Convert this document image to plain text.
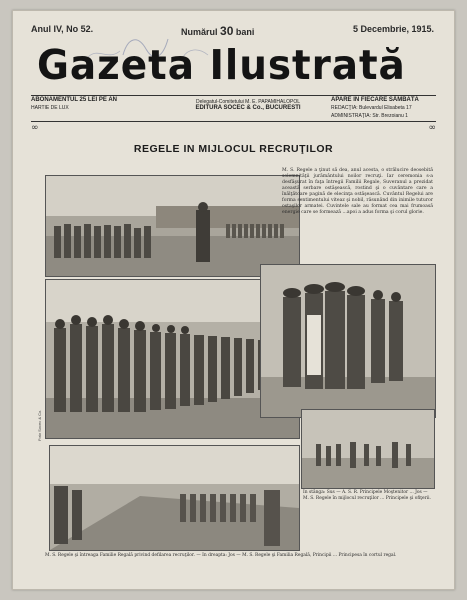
Anul IV, No 52.	Numărul 30 bani	5 Decembrie, 1915.
Gazeta Ilustrată
ABONAMENTUL 25 LEI PE AN
HARTIE DE LUX
Delegatul-Comitetului M. E. PAPAMIHALOPOL
EDITURA SOCEC & Co., BUCURESTI
APARE IN FIECARE SÂMBĂTĂ
REDACŢIA: Bulevardul Elisabeta 17
ADMINISTRAŢIA: Str. Brezoianu 1
∞	∞
REGELE IN MIJLOCUL RECRUŢILOR
M. S. Regele a ţinut să dea, anul acesta, o strălucire deosebită solemnităţii jurământului noilor recruţi. Iar ceremonia s-a desfăşurat în faţa întregii Familii Regale, Suveranul a prezidat această serbare ostăşească, rostind şi o cuvântare care a înălţătoare pagină de elecinţa ostăşească. Cuvântul Regelui are forma sentimentului viteaz şi nobil, răsunând din inimile tuturor ostaşilor armatei. Cuvintele sale au format cea mai frumoasă energie care se formează ...apoi a adus forma şi corul glorie.
In stânga: Sus — A. S. R. Principele Moştenitor ... Jos — M. S. Regele în mijlocul recruţilor ... Principele şi ofiţerii.
M. S. Regele şi întreaga Familie Regală privind defilarea recruţilor. — In dreapta: Jos — M. S. Regele şi Familia Regală, Principii ... Principesa în cortul regal.
Foto Socec & Co.
